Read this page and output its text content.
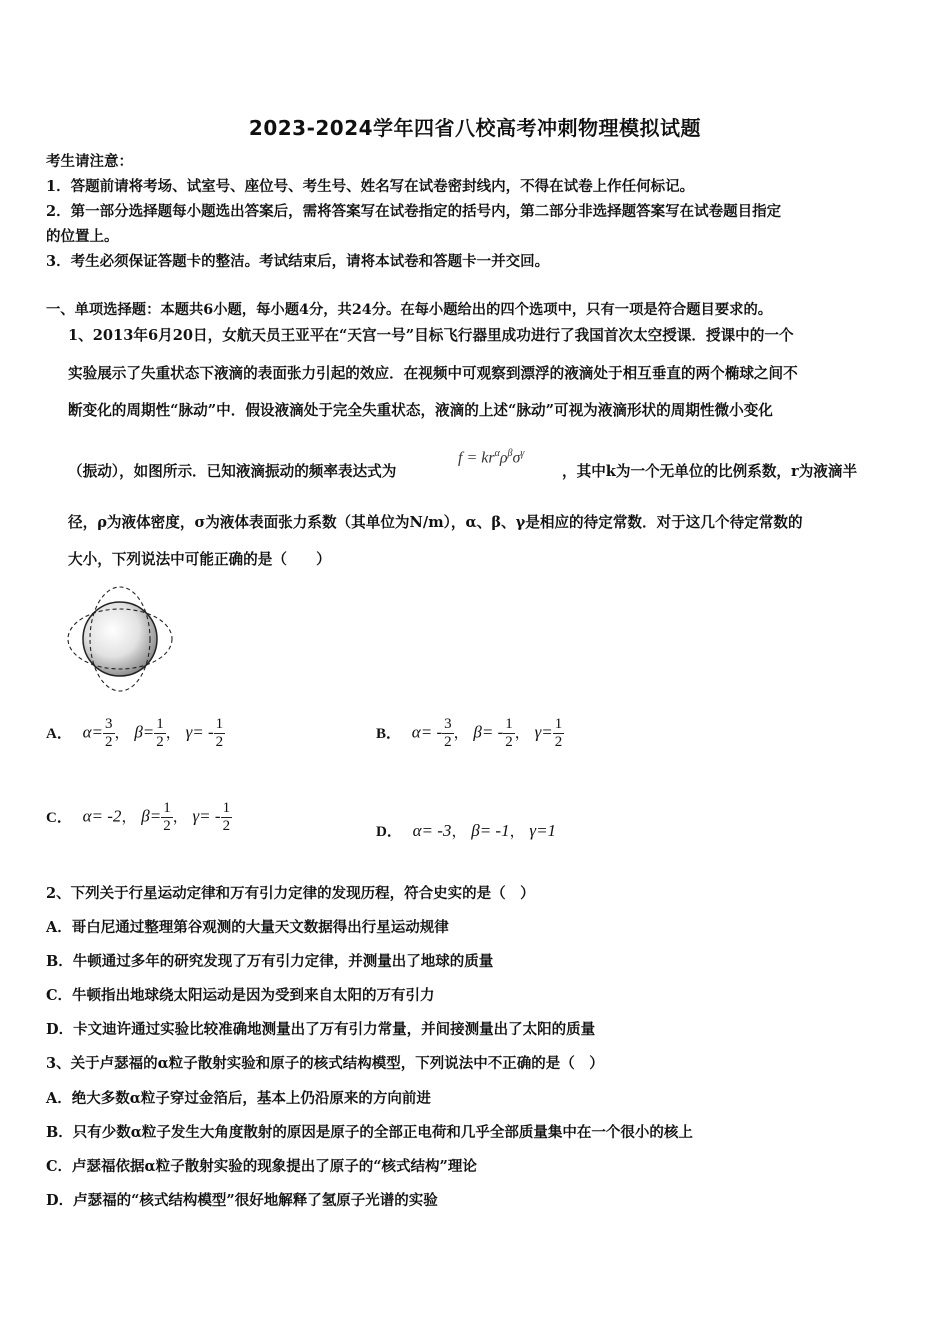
2023-2024学年四省八校高考冲刺物理模拟试题
考生请注意：
1．答题前请将考场、试室号、座位号、考生号、姓名写在试卷密封线内，不得在试卷上作任何标记。
2．第一部分选择题每小题选出答案后，需将答案写在试卷指定的括号内，第二部分非选择题答案写在试卷题目指定
的位置上。
3．考生必须保证答题卡的整洁。考试结束后，请将本试卷和答题卡一并交回。
一、单项选择题：本题共6小题，每小题4分，共24分。在每小题给出的四个选项中，只有一项是符合题目要求的。
1、2013年6月20日，女航天员王亚平在“天宫一号”目标飞行器里成功进行了我国首次太空授课．授课中的一个
实验展示了失重状态下液滴的表面张力引起的效应．在视频中可观察到漂浮的液滴处于相互垂直的两个椭球之间不
断变化的周期性“脉动”中．假设液滴处于完全失重状态，液滴的上述“脉动”可视为液滴形状的周期性微小变化
（振动），如图所示．已知液滴振动的频率表达式为
$f = kr^\alpha\rho^\beta\sigma^\gamma$
，其中k为一个无单位的比例系数，r为液滴半
径，ρ为液体密度，σ为液体表面张力系数（其单位为N/m），α、β、γ是相应的待定常数．对于这几个待定常数的
大小，下列说法中可能正确的是（　　）
A． $\alpha= \frac{3}{2}$ ， $\beta= \frac{1}{2}$ ， $\gamma= - \frac{1}{2}$	B． $\alpha= - \frac{3}{2}$ ， $\beta= - \frac{1}{2}$ ， $\gamma= \frac{1}{2}$
C． α= -2， $\beta= \frac{1}{2}$ ， $\gamma= - \frac{1}{2}$	D． α= -3， β= -1， γ=1
2、下列关于行星运动定律和万有引力定律的发现历程，符合史实的是（　）
A．哥白尼通过整理第谷观测的大量天文数据得出行星运动规律
B．牛顿通过多年的研究发现了万有引力定律，并测量出了地球的质量
C．牛顿指出地球绕太阳运动是因为受到来自太阳的万有引力
D．卡文迪许通过实验比较准确地测量出了万有引力常量，并间接测量出了太阳的质量
3、关于卢瑟福的α粒子散射实验和原子的核式结构模型，下列说法中不正确的是（　）
A．绝大多数α粒子穿过金箔后，基本上仍沿原来的方向前进
B．只有少数α粒子发生大角度散射的原因是原子的全部正电荷和几乎全部质量集中在一个很小的核上
C．卢瑟福依据α粒子散射实验的现象提出了原子的“核式结构”理论
D．卢瑟福的“核式结构模型”很好地解释了氢原子光谱的实验
